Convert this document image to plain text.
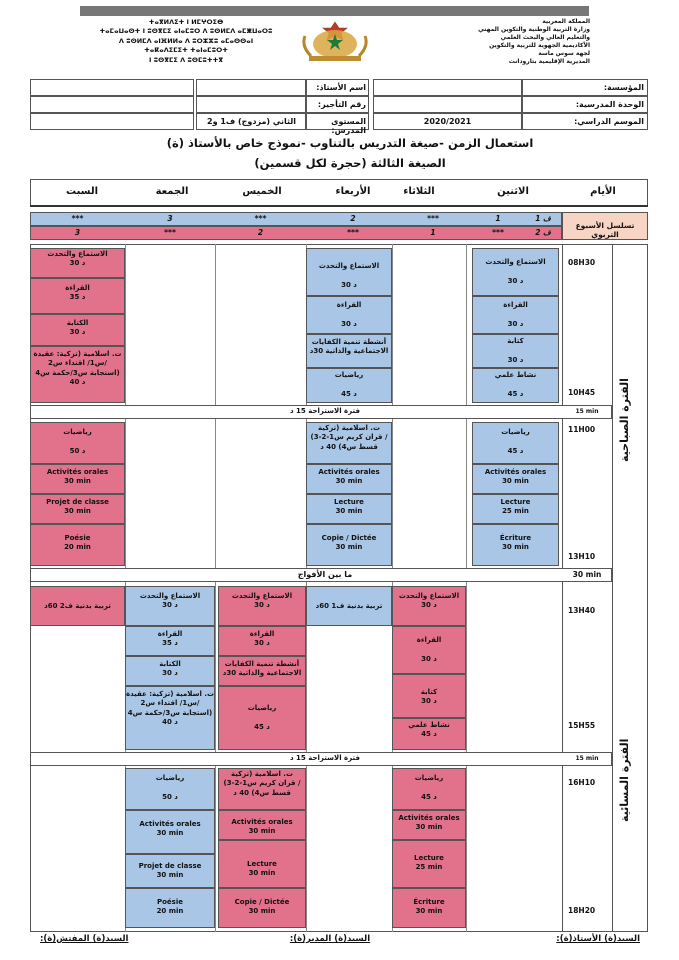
ⵜⴰⴳⵍⴷⵉⵜ ⵏ ⵍⵎⵖⵔⵉⴱ
ⵜⴰⵎⴰⵡⴰⵙⵜ ⵏ ⵓⵙⴳⵎⵉ ⴰⵏⴰⵎⵓⵔ ⴷ ⵓⵙⵍⵎⴷ ⴰⵎⵥⵡⴰⵔⵓ
ⴷ ⵓⵙⵍⵎⴷ ⴰⵏⴼⵍⵍⴰ ⴷ ⵓⵔⵣⵣⵓ ⴰⵎⴰⵙⵙⴰⵏ
ⵜⴰⴽⴰⴷⵉⵎⵉⵜ ⵜⴰⵏⴰⵎⵓⵔⵜ
ⵏ ⵓⵙⴳⵎⵉ ⴷ ⵓⵙⵎⵓⵜⵜⴳ
المملكة المغربية
وزارة التربية الوطنية والتكوين المهني
والتعليم العالي والبحث العلمي
الأكاديمية الجهوية للتربية والتكوين
لجهة سوس ماسة
المديرية الإقليمية بتارودانت
المؤسسة:
الوحدة المدرسية:
الموسم الدراسي:
2020/2021
اسم الأستاذ:
رقم التأجير:
المستوى المدرس:
الثاني (مزدوج) ف1 و2
استعمال الزمن -صيغة التدريس بالتناوب -نموذج خاص بالأستاذ (ة)
الصيغة الثالثة (حجرة لكل قسمين)
الأيام
الاثنين
الثلاثاء
الأربعاء
الخميس
الجمعة
السبت
تسلسل الأسبوع التربوي
ف 1
ف 2
1
***
2
***
3
***
***
1
***
2
***
3
الفترة الصباحية
الفترة المسائية
08H30
10H45
11H00
13H10
13H40
15H55
16H10
18H20
15 min
فترة الاستراحة 15 د
30 min
ما بين الأفواج
15 min
فترة الاستراحة 15 د
الاستماع والتحدث

30 د
القراءة

30 د
كتابة

30 د
نشاط علمي

45 د
الاستماع والتحدث

30 د
القراءة

30 د
أنشطة تنمية الكفايات
الاجتماعية والذاتية 30د
رياضيات

45 د
الاستماع والتحدث
30 د
القراءة
35 د
الكتابة
30 د
ت. اسلامية (تزكية: عقيدة
س1/ اقتداء س2/
استجابة س3/حكمة س4)
40 د
رياضيات

45 د
Activités orales
30 min
Lecture
25 min
Écriture
30 min
ت. اسلامية (تزكية
(قران كريم س1-2-3 /
قسط س4) 40 د
Activités orales
30 min
Lecture
30 min
Copie / Dictée
30 min
رياضيات

50 د
Activités orales
30 min
Projet de classe
30 min
Poésie
20 min
الاستماع والتحدث
30 د
القراءة

30 د
كتابة
30 د
نشاط علمي
45 د
تربية بدنية ف1 60د
الاستماع والتحدث
30 د
القراءة
30 د
أنشطة تنمية الكفايات
الاجتماعية والذاتية 30د
رياضيات

45 د
الاستماع والتحدث
30 د
القراءة
35 د
الكتابة
30 د
ت. اسلامية (تزكية: عقيدة
س1/ اقتداء س2/
استجابة س3/حكمة س4)
40 د
تربية بدنية ف2 60د
رياضيات

45 د
Activités orales
30 min
Lecture
25 min
Écriture
30 min
ت. اسلامية (تزكية
(قران كريم س1-2-3 /
قسط س4) 40 د
Activités orales
30 min
Lecture
30 min
Copie / Dictée
30 min
رياضيات

50 د
Activités orales
30 min
Projet de classe
30 min
Poésie
20 min
السيد(ة) الأستاذ(ة):
السيد(ة) المدير(ة):
السيد(ة) المفتش(ة):
